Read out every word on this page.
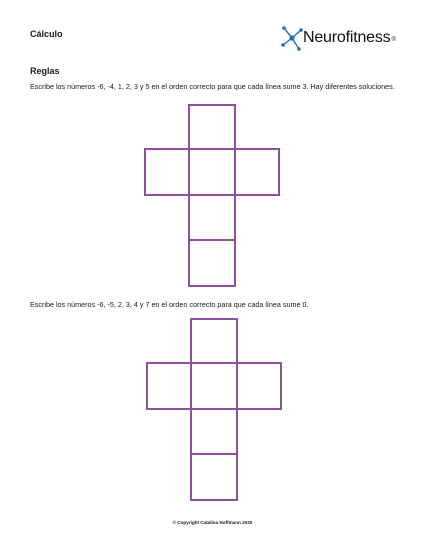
Cálculo	Neurofitness®
Reglas
Escribe los números -6, -4, 1, 2, 3 y 5 en el orden correcto para que cada línea sume 3. Hay diferentes soluciones.
Escribe los números -6, -5, 2, 3, 4 y 7 en el orden correcto para que cada línea sume 0.
© Copyright Catalina Hoffmann 2020
